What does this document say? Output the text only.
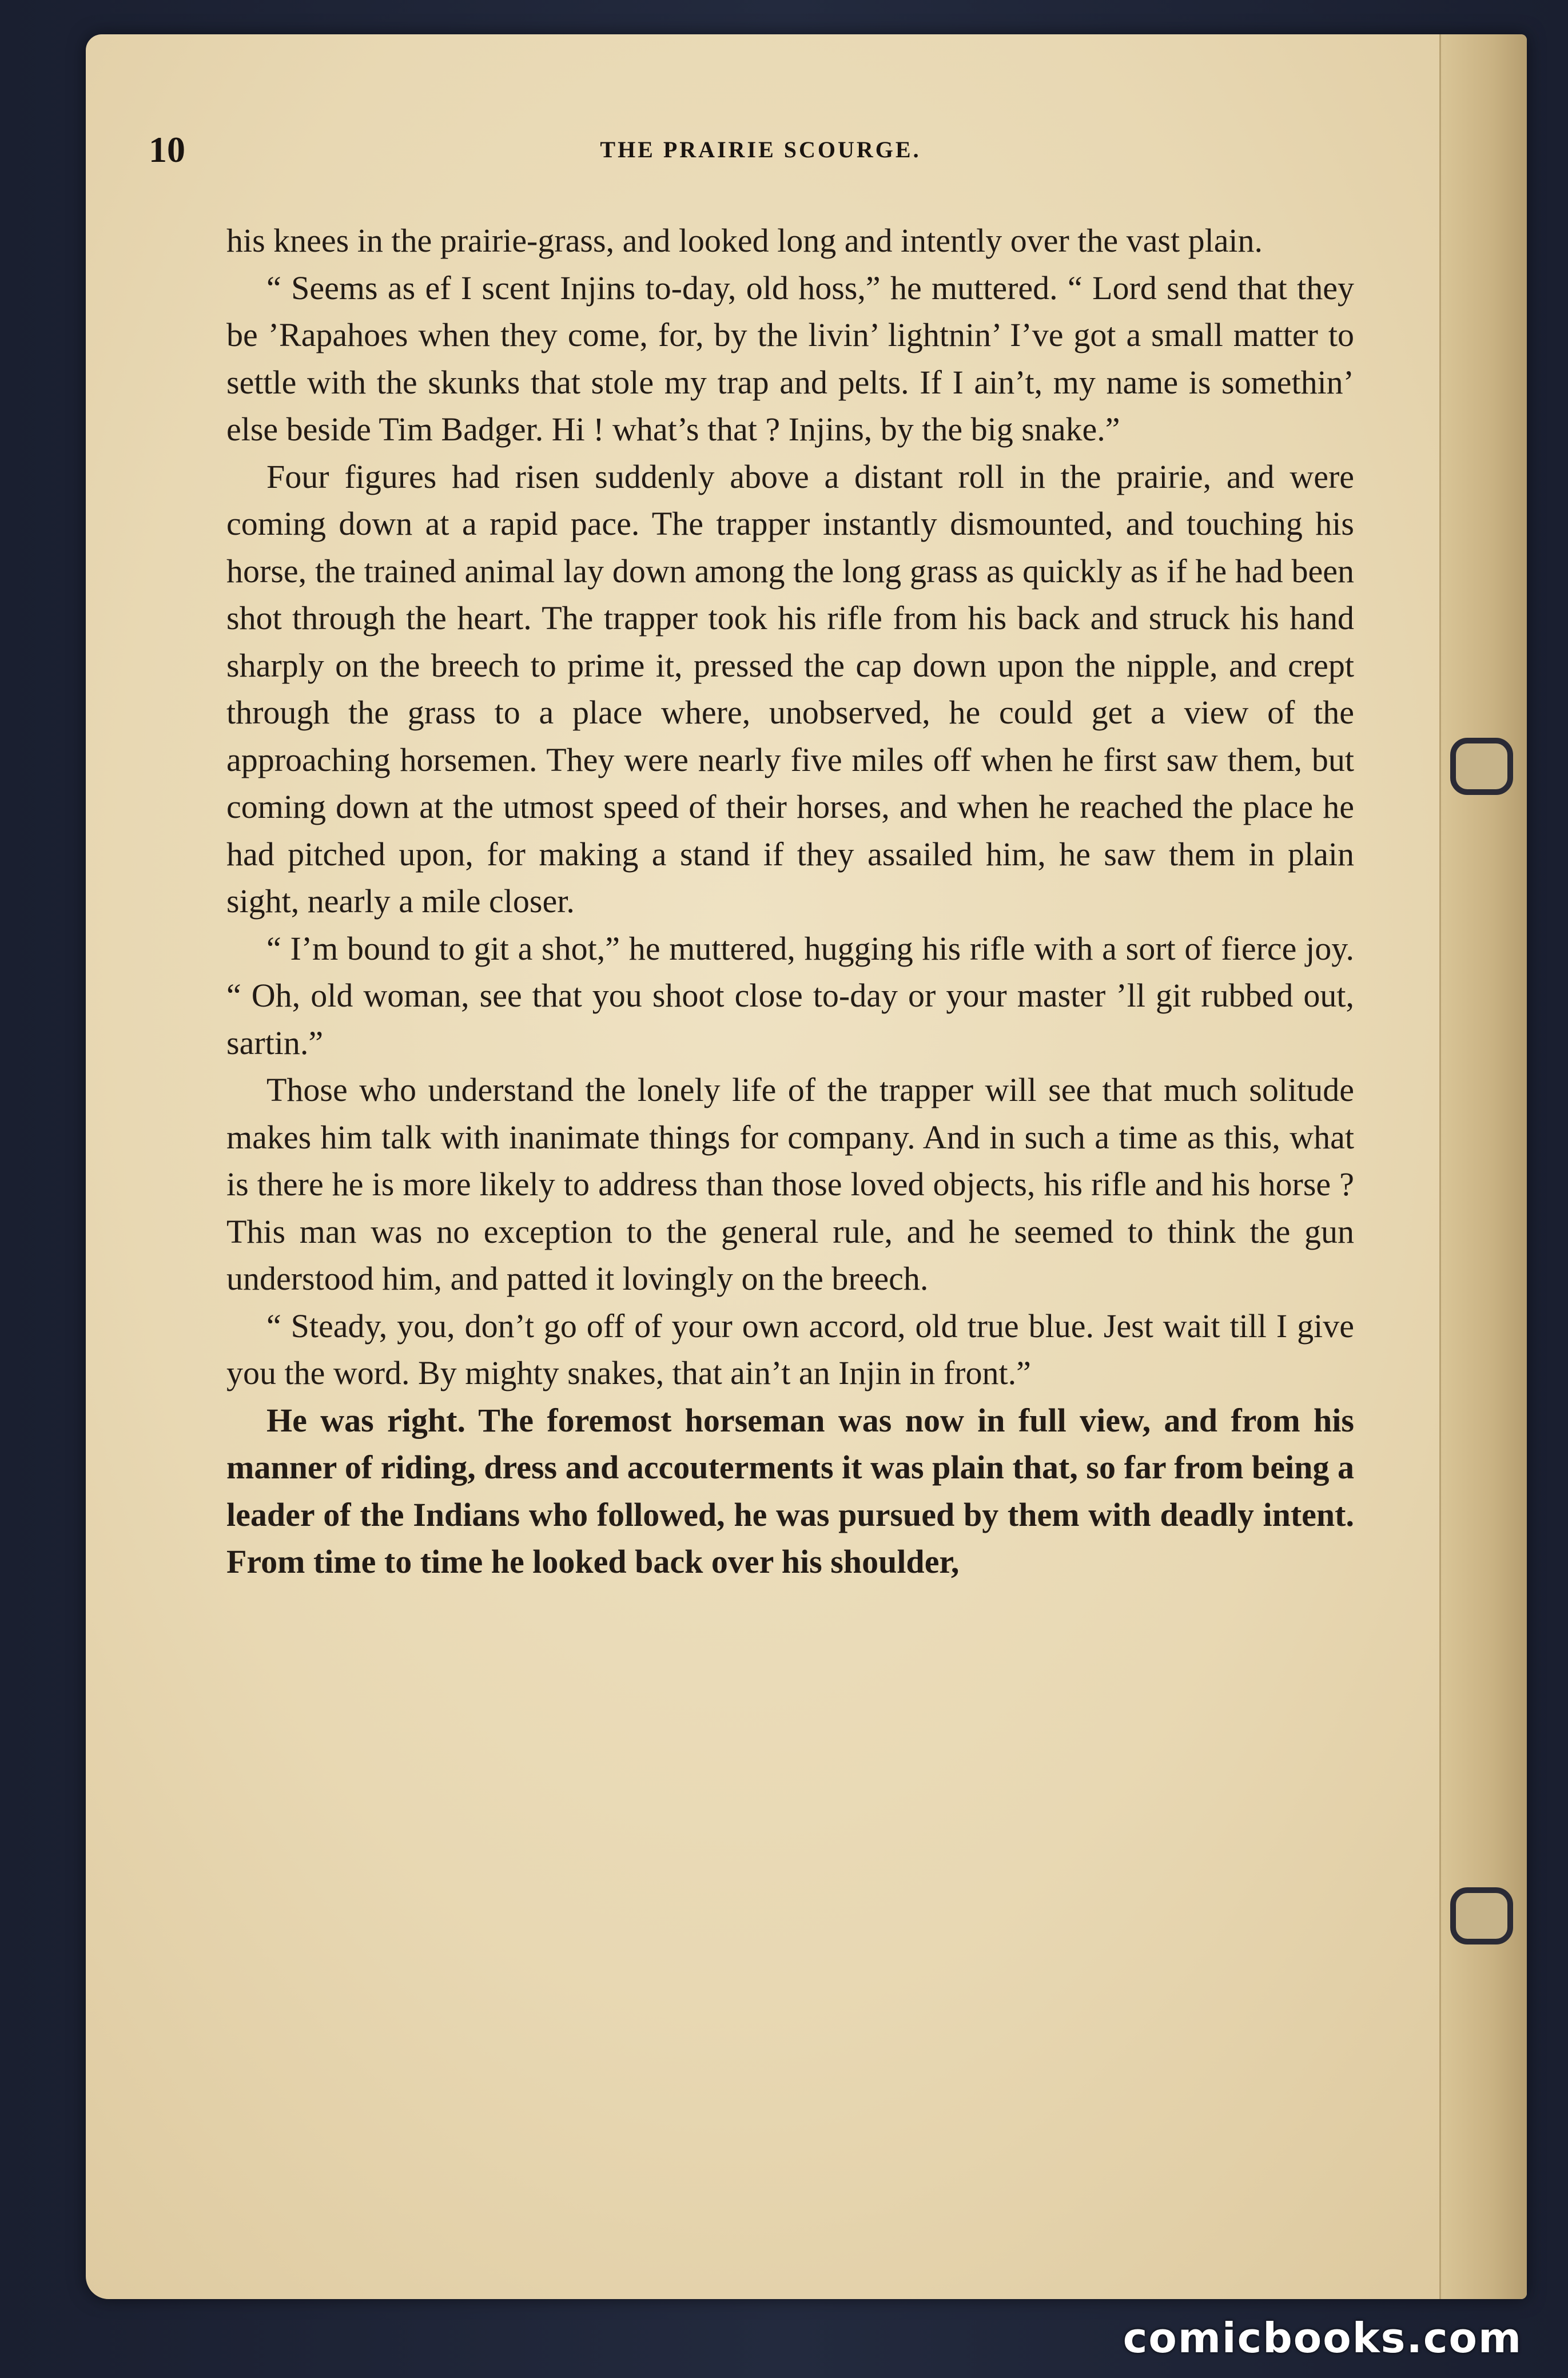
10	THE PRAIRIE SCOURGE.

his knees in the prairie-grass, and looked long and intently over the vast plain.

“ Seems as ef I scent Injins to-day, old hoss,” he muttered. “ Lord send that they be ’Rapahoes when they come, for, by the livin’ lightnin’ I’ve got a small matter to settle with the skunks that stole my trap and pelts. If I ain’t, my name is somethin’ else beside Tim Badger. Hi ! what’s that ? Injins, by the big snake.”

Four figures had risen suddenly above a distant roll in the prairie, and were coming down at a rapid pace. The trapper instantly dismounted, and touching his horse, the trained animal lay down among the long grass as quickly as if he had been shot through the heart. The trapper took his rifle from his back and struck his hand sharply on the breech to prime it, pressed the cap down upon the nipple, and crept through the grass to a place where, unobserved, he could get a view of the approaching horsemen. They were nearly five miles off when he first saw them, but coming down at the utmost speed of their horses, and when he reached the place he had pitched upon, for making a stand if they assailed him, he saw them in plain sight, nearly a mile closer.

“ I’m bound to git a shot,” he muttered, hugging his rifle with a sort of fierce joy. “ Oh, old woman, see that you shoot close to-day or your master ’ll git rubbed out, sartin.”

Those who understand the lonely life of the trapper will see that much solitude makes him talk with inanimate things for company. And in such a time as this, what is there he is more likely to address than those loved objects, his rifle and his horse ? This man was no exception to the general rule, and he seemed to think the gun understood him, and patted it lovingly on the breech.

“ Steady, you, don’t go off of your own accord, old true blue. Jest wait till I give you the word. By mighty snakes, that ain’t an Injin in front.”

He was right. The foremost horseman was now in full view, and from his manner of riding, dress and accouterments it was plain that, so far from being a leader of the Indians who followed, he was pursued by them with deadly intent. From time to time he looked back over his shoulder,

comicbooks.com
